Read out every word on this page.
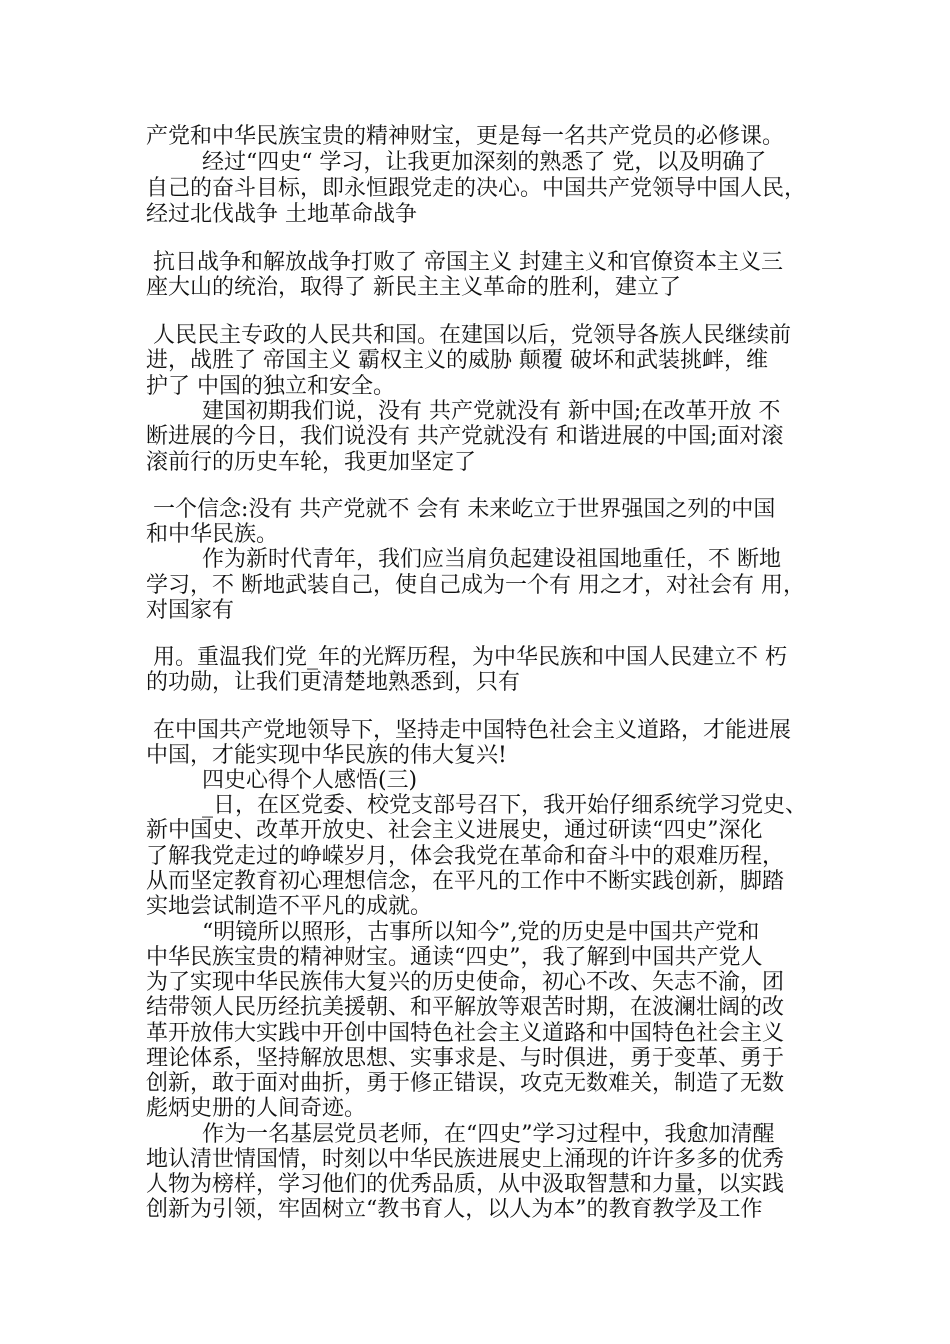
产党和中华民族宝贵的精神财宝，更是每一名共产党员的必修课。
经过“四史“ 学习，让我更加深刻的熟悉了 党，以及明确了
自己的奋斗目标，即永恒跟党走的决心。中国共产党领导中国人民，
经过北伐战争 土地革命战争
抗日战争和解放战争打败了 帝国主义 封建主义和官僚资本主义三
座大山的统治，取得了 新民主主义革命的胜利，建立了
人民民主专政的人民共和国。在建国以后，党领导各族人民继续前
进，战胜了 帝国主义 霸权主义的威胁 颠覆 破坏和武装挑衅，维
护了 中国的独立和安全。
建国初期我们说，没有 共产党就没有 新中国;在改革开放 不
断进展的今日，我们说没有 共产党就没有 和谐进展的中国;面对滚
滚前行的历史车轮，我更加坚定了
一个信念:没有 共产党就不 会有 未来屹立于世界强国之列的中国
和中华民族。
作为新时代青年，我们应当肩负起建设祖国地重任，不 断地
学习，不 断地武装自己，使自己成为一个有 用之才，对社会有 用，
对国家有
用。重温我们党_年的光辉历程，为中华民族和中国人民建立不 朽
的功勋，让我们更清楚地熟悉到，只有
在中国共产党地领导下，坚持走中国特色社会主义道路，才能进展
中国，才能实现中华民族的伟大复兴!
四史心得个人感悟(三)
_日，在区党委、校党支部号召下，我开始仔细系统学习党史、
新中国史、改革开放史、社会主义进展史，通过研读“四史”深化
了解我党走过的峥嵘岁月，体会我党在革命和奋斗中的艰难历程，
从而坚定教育初心理想信念，在平凡的工作中不断实践创新，脚踏
实地尝试制造不平凡的成就。
“明镜所以照形，古事所以知今”,党的历史是中国共产党和
中华民族宝贵的精神财宝。通读“四史”，我了解到中国共产党人
为了实现中华民族伟大复兴的历史使命，初心不改、矢志不渝，团
结带领人民历经抗美援朝、和平解放等艰苦时期，在波澜壮阔的改
革开放伟大实践中开创中国特色社会主义道路和中国特色社会主义
理论体系，坚持解放思想、实事求是、与时俱进，勇于变革、勇于
创新，敢于面对曲折，勇于修正错误，攻克无数难关，制造了无数
彪炳史册的人间奇迹。
作为一名基层党员老师，在“四史”学习过程中，我愈加清醒
地认清世情国情，时刻以中华民族进展史上涌现的许许多多的优秀
人物为榜样，学习他们的优秀品质，从中汲取智慧和力量，以实践
创新为引领，牢固树立“教书育人，以人为本”的教育教学及工作
